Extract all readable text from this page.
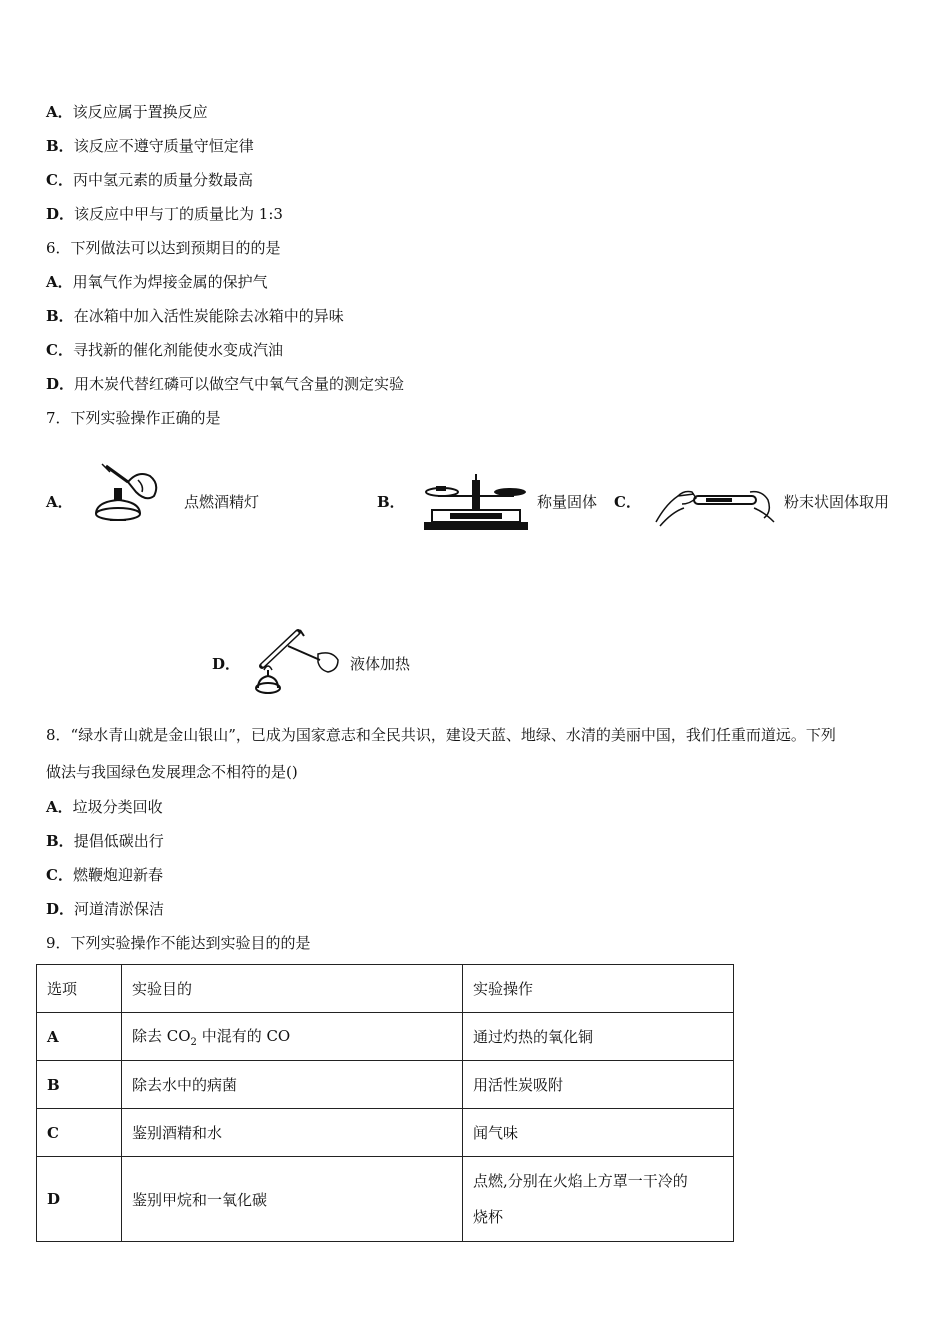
A．该反应属于置换反应
B．该反应不遵守质量守恒定律
C．丙中氢元素的质量分数最高
D．该反应中甲与丁的质量比为 1:3
6．下列做法可以达到预期目的的是
A．用氧气作为焊接金属的保护气
B．在冰箱中加入活性炭能除去冰箱中的异味
C．寻找新的催化剂能使水变成汽油
D．用木炭代替红磷可以做空气中氧气含量的测定实验
7．下列实验操作正确的是
A．	点燃酒精灯	B．	称量固体 C．	粉末状固体取用
D．	液体加热
8．“绿水青山就是金山银山”，已成为国家意志和全民共识，建设天蓝、地绿、水清的美丽中国，我们任重而道远。下列
做法与我国绿色发展理念不相符的是()
A．垃圾分类回收
B．提倡低碳出行
C．燃鞭炮迎新春
D．河道清淤保洁
9．下列实验操作不能达到实验目的的是
选项	实验目的	实验操作
A	除去 $CO_2$ 中混有的 CO	通过灼热的氧化铜
B	除去水中的病菌	用活性炭吸附
C	鉴别酒精和水	闻气味
D	鉴别甲烷和一氧化碳	点燃,分别在火焰上方罩一干冷的
烧杯
